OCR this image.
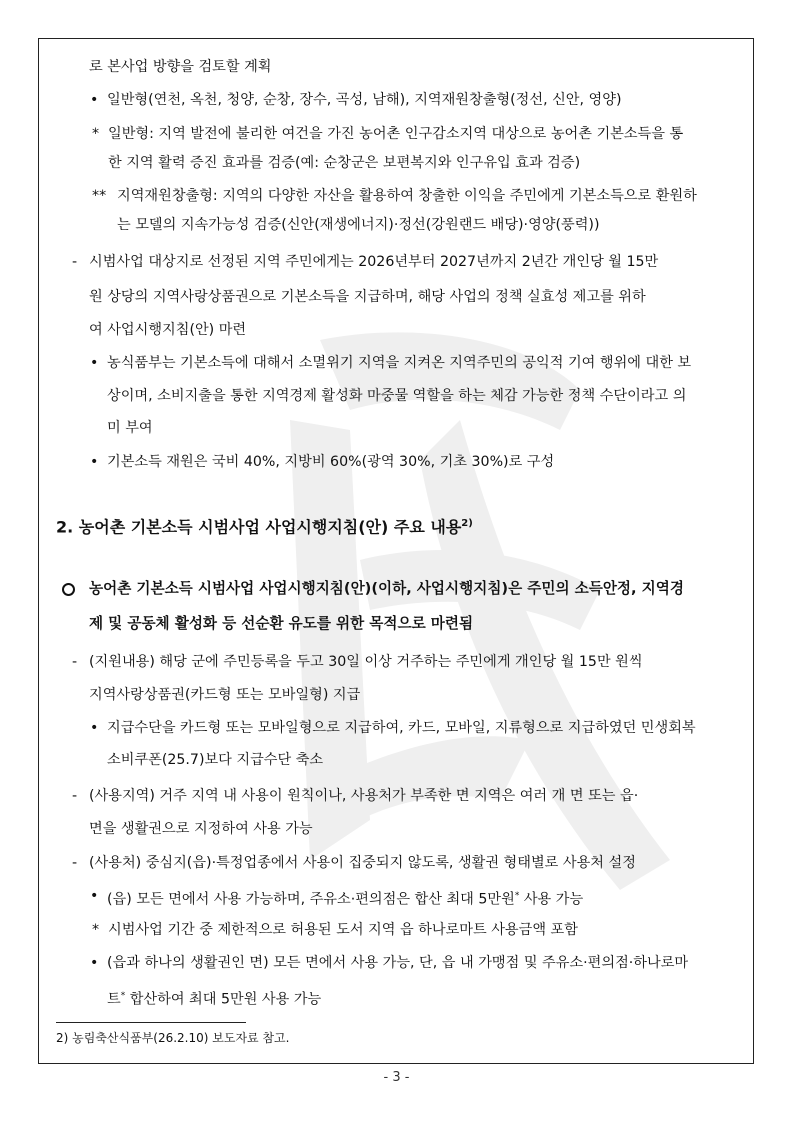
로 본사업 방향을 검토할 계획
• 일반형(연천, 옥천, 청양, 순창, 장수, 곡성, 남해), 지역재원창출형(정선, 신안, 영양)
* 일반형: 지역 발전에 불리한 여건을 가진 농어촌 인구감소지역 대상으로 농어촌 기본소득을 통
한 지역 활력 증진 효과를 검증(예: 순창군은 보편복지와 인구유입 효과 검증)
** 지역재원창출형: 지역의 다양한 자산을 활용하여 창출한 이익을 주민에게 기본소득으로 환원하
는 모델의 지속가능성 검증(신안(재생에너지)·정선(강원랜드 배당)·영양(풍력))
- 시범사업 대상지로 선정된 지역 주민에게는 2026년부터 2027년까지 2년간 개인당 월 15만
원 상당의 지역사랑상품권으로 기본소득을 지급하며, 해당 사업의 정책 실효성 제고를 위하
여 사업시행지침(안) 마련
• 농식품부는 기본소득에 대해서 소멸위기 지역을 지켜온 지역주민의 공익적 기여 행위에 대한 보
상이며, 소비지출을 통한 지역경제 활성화 마중물 역할을 하는 체감 가능한 정책 수단이라고 의
미 부여
• 기본소득 재원은 국비 40%, 지방비 60%(광역 30%, 기초 30%)로 구성
2. 농어촌 기본소득 시범사업 사업시행지침(안) 주요 내용$^{2)}$
농어촌 기본소득 시범사업 사업시행지침(안)(이하, 사업시행지침)은 주민의 소득안정, 지역경
제 및 공동체 활성화 등 선순환 유도를 위한 목적으로 마련됨
- (지원내용) 해당 군에 주민등록을 두고 30일 이상 거주하는 주민에게 개인당 월 15만 원씩
지역사랑상품권(카드형 또는 모바일형) 지급
• 지급수단을 카드형 또는 모바일형으로 지급하여, 카드, 모바일, 지류형으로 지급하였던 민생회복
소비쿠폰(25.7)보다 지급수단 축소
- (사용지역) 거주 지역 내 사용이 원칙이나, 사용처가 부족한 면 지역은 여러 개 면 또는 읍·
면을 생활권으로 지정하여 사용 가능
- (사용처) 중심지(읍)·특정업종에서 사용이 집중되지 않도록, 생활권 형태별로 사용처 설정
• (읍) 모든 면에서 사용 가능하며, 주유소·편의점은 합산 최대 5만원* 사용 가능
* 시범사업 기간 중 제한적으로 허용된 도서 지역 읍 하나로마트 사용금액 포함
• (읍과 하나의 생활권인 면) 모든 면에서 사용 가능, 단, 읍 내 가맹점 및 주유소·편의점·하나로마
트* 합산하여 최대 5만원 사용 가능
2) 농림축산식품부(26.2.10) 보도자료 참고.
- 3 -
